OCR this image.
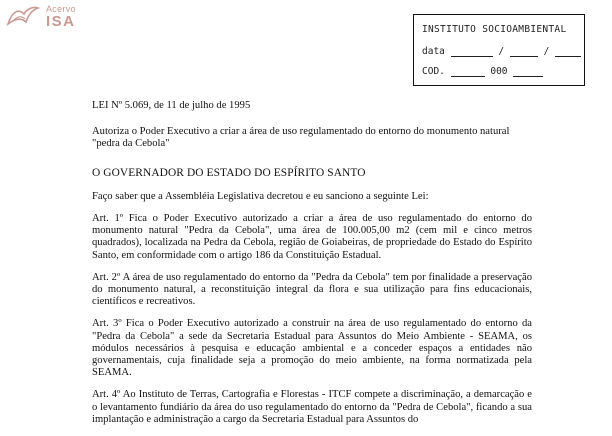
Acervo
ISA	INSTITUTO SOCIOAMBIENTAL
data	/	/
COD.	000

LEI Nº 5.069, de 11 de julho de 1995

Autoriza o Poder Executivo a criar a área de uso regulamentado do entorno do monumento natural "pedra da Cebola"

O GOVERNADOR DO ESTADO DO ESPÍRITO SANTO

Faço saber que a Assembléia Legislativa decretou e eu sanciono a seguinte Lei:

Art. 1º Fica o Poder Executivo autorizado a criar a área de uso regulamentado do entorno do monumento natural "Pedra da Cebola", uma área de 100.005,00 m2 (cem mil e cinco metros quadrados), localizada na Pedra da Cebola, região de Goiabeiras, de propriedade do Estado do Espírito Santo, em conformidade com o artigo 186 da Constituição Estadual.

Art. 2º A área de uso regulamentado do entorno da "Pedra da Cebola" tem por finalidade a preservação do monumento natural, a reconstituição integral da flora e sua utilização para fins educacionais, científicos e recreativos.

Art. 3º Fica o Poder Executivo autorizado a construir na área de uso regulamentado do entorno da "Pedra da Cebola" a sede da Secretaria Estadual para Assuntos do Meio Ambiente - SEAMA, os módulos necessários à pesquisa e educação ambiental e a conceder espaços a entidades não governamentais, cuja finalidade seja a promoção do meio ambiente, na forma normatizada pela SEAMA.

Art. 4º Ao Instituto de Terras, Cartografia e Florestas - ITCF compete a discriminação, a demarcação e o levantamento fundiário da área do uso regulamentado do entorno da "Pedra de Cebola", ficando a sua implantação e administração a cargo da Secretaria Estadual para Assuntos do
